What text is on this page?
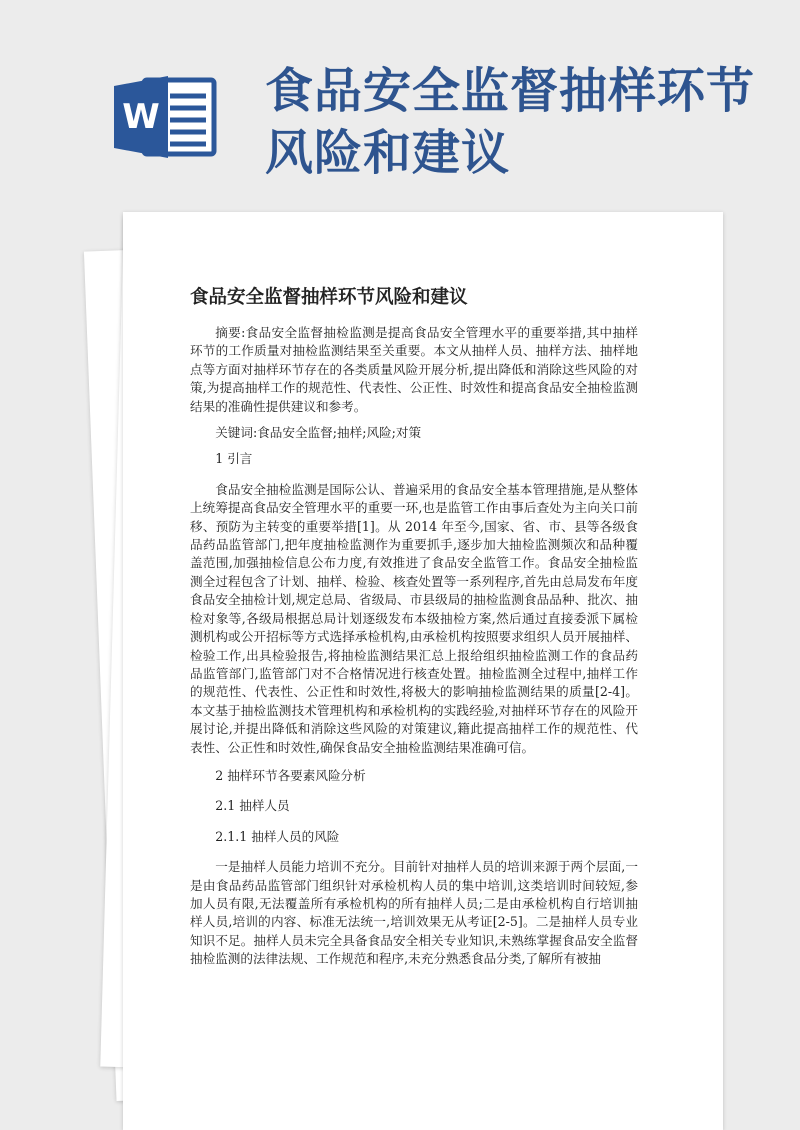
W 食品安全监督抽样环节风险和建议
食品安全监督抽样环节风险和建议

摘要:食品安全监督抽检监测是提高食品安全管理水平的重要举措,其中抽样环节的工作质量对抽检监测结果至关重要。本文从抽样人员、抽样方法、抽样地点等方面对抽样环节存在的各类质量风险开展分析,提出降低和消除这些风险的对策,为提高抽样工作的规范性、代表性、公正性、时效性和提高食品安全抽检监测结果的准确性提供建议和参考。

关键词:食品安全监督;抽样;风险;对策

1 引言

食品安全抽检监测是国际公认、普遍采用的食品安全基本管理措施,是从整体上统筹提高食品安全管理水平的重要一环,也是监管工作由事后查处为主向关口前移、预防为主转变的重要举措[1]。从 2014 年至今,国家、省、市、县等各级食品药品监管部门,把年度抽检监测作为重要抓手,逐步加大抽检监测频次和品种覆盖范围,加强抽检信息公布力度,有效推进了食品安全监管工作。食品安全抽检监测全过程包含了计划、抽样、检验、核查处置等一系列程序,首先由总局发布年度食品安全抽检计划,规定总局、省级局、市县级局的抽检监测食品品种、批次、抽检对象等,各级局根据总局计划逐级发布本级抽检方案,然后通过直接委派下属检测机构或公开招标等方式选择承检机构,由承检机构按照要求组织人员开展抽样、检验工作,出具检验报告,将抽检监测结果汇总上报给组织抽检监测工作的食品药品监管部门,监管部门对不合格情况进行核查处置。抽检监测全过程中,抽样工作的规范性、代表性、公正性和时效性,将极大的影响抽检监测结果的质量[2-4]。本文基于抽检监测技术管理机构和承检机构的实践经验,对抽样环节存在的风险开展讨论,并提出降低和消除这些风险的对策建议,籍此提高抽样工作的规范性、代表性、公正性和时效性,确保食品安全抽检监测结果准确可信。

2 抽样环节各要素风险分析

2.1 抽样人员

2.1.1 抽样人员的风险

一是抽样人员能力培训不充分。目前针对抽样人员的培训来源于两个层面,一是由食品药品监管部门组织针对承检机构人员的集中培训,这类培训时间较短,参加人员有限,无法覆盖所有承检机构的所有抽样人员;二是由承检机构自行培训抽样人员,培训的内容、标准无法统一,培训效果无从考证[2-5]。二是抽样人员专业知识不足。抽样人员未完全具备食品安全相关专业知识,未熟练掌握食品安全监督抽检监测的法律法规、工作规范和程序,未充分熟悉食品分类,了解所有被抽
